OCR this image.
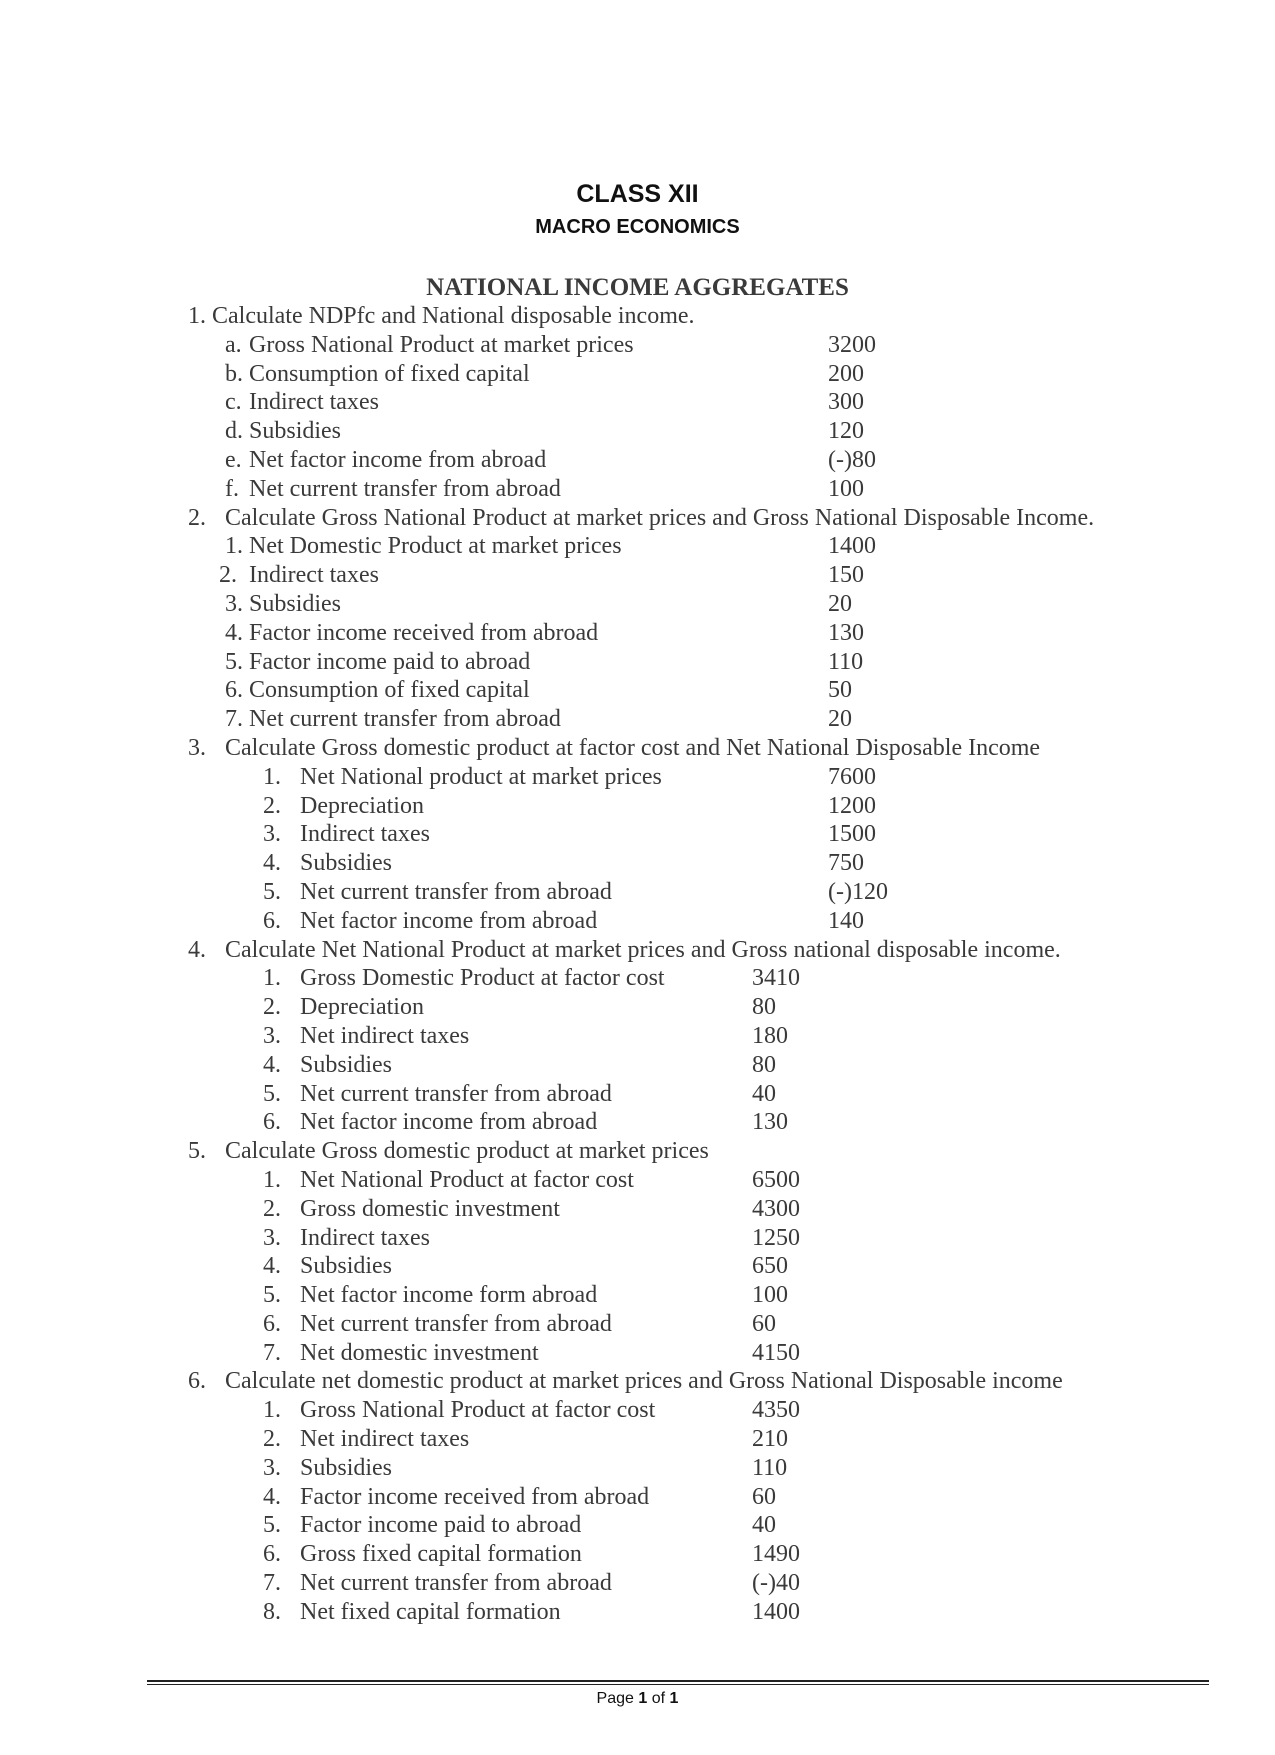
CLASS XII
MACRO ECONOMICS
NATIONAL INCOME AGGREGATES
1. Calculate NDPfc and National disposable income.
a. Gross National Product at market prices	3200
b. Consumption of fixed capital	200
c. Indirect taxes	300
d. Subsidies	120
e. Net factor income from abroad	(-)80
f. Net current transfer from abroad	100
2. Calculate Gross National Product at market prices and Gross National Disposable Income.
1. Net Domestic Product at market prices	1400
2. Indirect taxes	150
3. Subsidies	20
4. Factor income received from abroad	130
5. Factor income paid to abroad	110
6. Consumption of fixed capital	50
7. Net current transfer from abroad	20
3. Calculate Gross domestic product at factor cost and Net National Disposable Income
1. Net National product at market prices	7600
2. Depreciation	1200
3. Indirect taxes	1500
4. Subsidies	750
5. Net current transfer from abroad	(-)120
6. Net factor income from abroad	140
4. Calculate Net National Product at market prices and Gross national disposable income.
1. Gross Domestic Product at factor cost	3410
2. Depreciation	80
3. Net indirect taxes	180
4. Subsidies	80
5. Net current transfer from abroad	40
6. Net factor income from abroad	130
5. Calculate Gross domestic product at market prices
1. Net National Product at factor cost	6500
2. Gross domestic investment	4300
3. Indirect taxes	1250
4. Subsidies	650
5. Net factor income form abroad	100
6. Net current transfer from abroad	60
7. Net domestic investment	4150
6. Calculate net domestic product at market prices and Gross National Disposable income
1. Gross National Product at factor cost	4350
2. Net indirect taxes	210
3. Subsidies	110
4. Factor income received from abroad	60
5. Factor income paid to abroad	40
6. Gross fixed capital formation	1490
7. Net current transfer from abroad	(-)40
8. Net fixed capital formation	1400
Page 1 of 1
